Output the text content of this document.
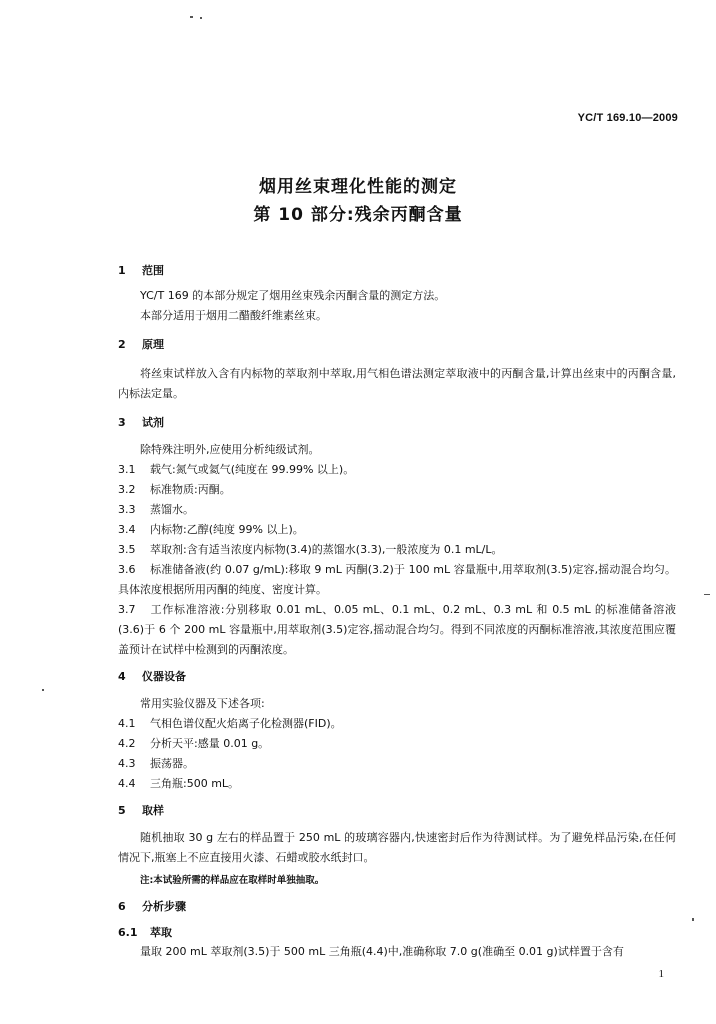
YC/T 169.10—2009
烟用丝束理化性能的测定
第 10 部分:残余丙酮含量
1 范围
YC/T 169 的本部分规定了烟用丝束残余丙酮含量的测定方法。
本部分适用于烟用二醋酸纤维素丝束。
2 原理
将丝束试样放入含有内标物的萃取剂中萃取,用气相色谱法测定萃取液中的丙酮含量,计算出丝束中的丙酮含量,内标法定量。
3 试剂
除特殊注明外,应使用分析纯级试剂。
3.1 载气:氮气或氦气(纯度在 99.99% 以上)。
3.2 标准物质:丙酮。
3.3 蒸馏水。
3.4 内标物:乙醇(纯度 99% 以上)。
3.5 萃取剂:含有适当浓度内标物(3.4)的蒸馏水(3.3),一般浓度为 0.1 mL/L。
3.6 标准储备液(约 0.07 g/mL):移取 9 mL 丙酮(3.2)于 100 mL 容量瓶中,用萃取剂(3.5)定容,摇动混合均匀。具体浓度根据所用丙酮的纯度、密度计算。
3.7 工作标准溶液:分别移取 0.01 mL、0.05 mL、0.1 mL、0.2 mL、0.3 mL 和 0.5 mL 的标准储备溶液(3.6)于 6 个 200 mL 容量瓶中,用萃取剂(3.5)定容,摇动混合均匀。得到不同浓度的丙酮标准溶液,其浓度范围应覆盖预计在试样中检测到的丙酮浓度。
4 仪器设备
常用实验仪器及下述各项:
4.1 气相色谱仪配火焰离子化检测器(FID)。
4.2 分析天平:感量 0.01 g。
4.3 振荡器。
4.4 三角瓶:500 mL。
5 取样
随机抽取 30 g 左右的样品置于 250 mL 的玻璃容器内,快速密封后作为待测试样。为了避免样品污染,在任何情况下,瓶塞上不应直接用火漆、石蜡或胶水纸封口。
注:本试验所需的样品应在取样时单独抽取。
6 分析步骤
6.1 萃取
量取 200 mL 萃取剂(3.5)于 500 mL 三角瓶(4.4)中,准确称取 7.0 g(准确至 0.01 g)试样置于含有
1
